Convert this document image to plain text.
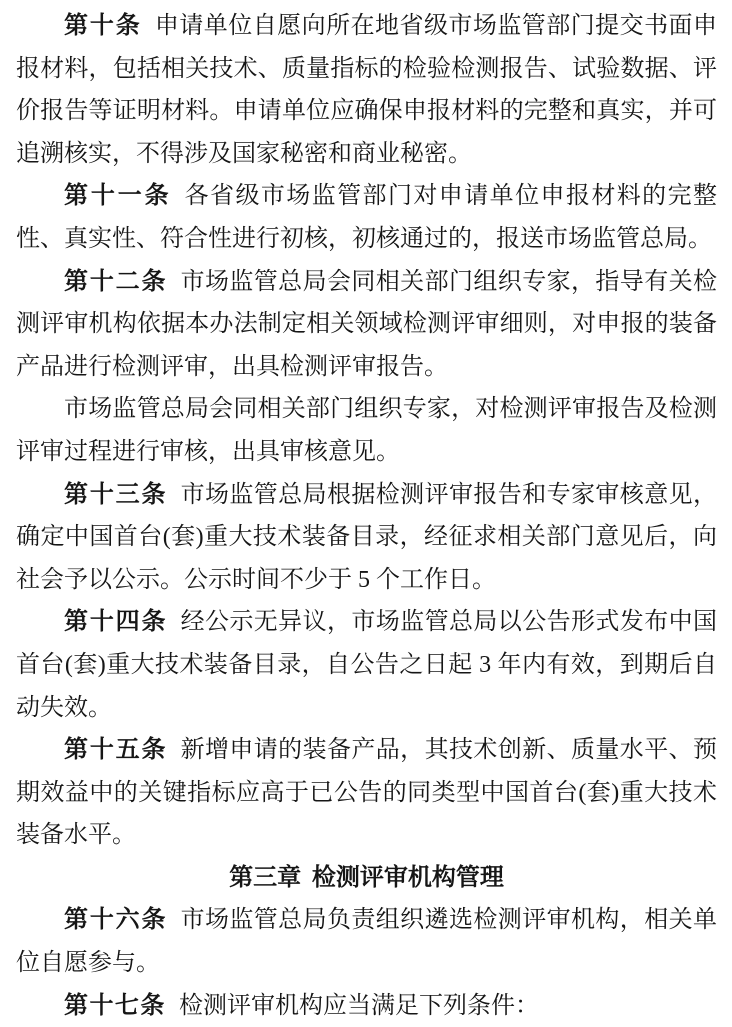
第十条 申请单位自愿向所在地省级市场监管部门提交书面申报材料，包括相关技术、质量指标的检验检测报告、试验数据、评价报告等证明材料。申请单位应确保申报材料的完整和真实，并可追溯核实，不得涉及国家秘密和商业秘密。

第十一条 各省级市场监管部门对申请单位申报材料的完整性、真实性、符合性进行初核，初核通过的，报送市场监管总局。

第十二条 市场监管总局会同相关部门组织专家，指导有关检测评审机构依据本办法制定相关领域检测评审细则，对申报的装备产品进行检测评审，出具检测评审报告。

市场监管总局会同相关部门组织专家，对检测评审报告及检测评审过程进行审核，出具审核意见。

第十三条 市场监管总局根据检测评审报告和专家审核意见，确定中国首台(套)重大技术装备目录，经征求相关部门意见后，向社会予以公示。公示时间不少于 5 个工作日。

第十四条 经公示无异议，市场监管总局以公告形式发布中国首台(套)重大技术装备目录，自公告之日起 3 年内有效，到期后自动失效。

第十五条 新增申请的装备产品，其技术创新、质量水平、预期效益中的关键指标应高于已公告的同类型中国首台(套)重大技术装备水平。

第三章 检测评审机构管理

第十六条 市场监管总局负责组织遴选检测评审机构，相关单位自愿参与。

第十七条 检测评审机构应当满足下列条件：
